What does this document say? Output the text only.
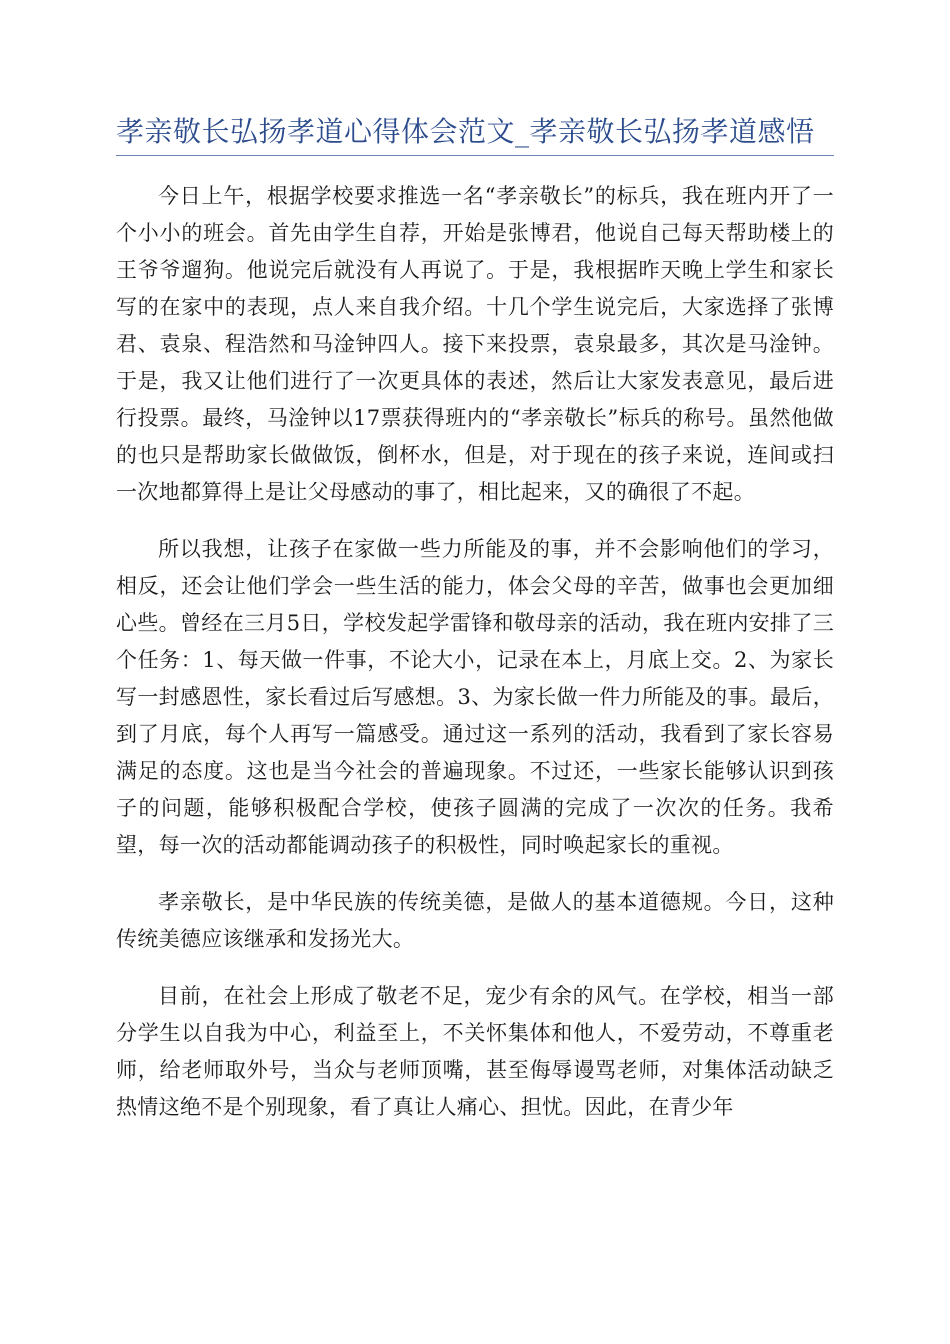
孝亲敬长弘扬孝道心得体会范文_孝亲敬长弘扬孝道感悟

今日上午，根据学校要求推选一名“孝亲敬长”的标兵，我在班内开了一个小小的班会。首先由学生自荐，开始是张博君，他说自己每天帮助楼上的王爷爷遛狗。他说完后就没有人再说了。于是，我根据昨天晚上学生和家长写的在家中的表现，点人来自我介绍。十几个学生说完后，大家选择了张博君、袁泉、程浩然和马淦钟四人。接下来投票，袁泉最多，其次是马淦钟。于是，我又让他们进行了一次更具体的表述，然后让大家发表意见，最后进行投票。最终，马淦钟以17票获得班内的“孝亲敬长”标兵的称号。虽然他做的也只是帮助家长做做饭，倒杯水，但是，对于现在的孩子来说，连间或扫一次地都算得上是让父母感动的事了，相比起来，又的确很了不起。

所以我想，让孩子在家做一些力所能及的事，并不会影响他们的学习，相反，还会让他们学会一些生活的能力，体会父母的辛苦，做事也会更加细心些。曾经在三月5日，学校发起学雷锋和敬母亲的活动，我在班内安排了三个任务：1、每天做一件事，不论大小，记录在本上，月底上交。2、为家长写一封感恩性，家长看过后写感想。3、为家长做一件力所能及的事。最后，到了月底，每个人再写一篇感受。通过这一系列的活动，我看到了家长容易满足的态度。这也是当今社会的普遍现象。不过还，一些家长能够认识到孩子的问题，能够积极配合学校，使孩子圆满的完成了一次次的任务。我希望，每一次的活动都能调动孩子的积极性，同时唤起家长的重视。

孝亲敬长，是中华民族的传统美德，是做人的基本道德规。今日，这种传统美德应该继承和发扬光大。

目前，在社会上形成了敬老不足，宠少有余的风气。在学校，相当一部分学生以自我为中心，利益至上，不关怀集体和他人，不爱劳动，不尊重老师，给老师取外号，当众与老师顶嘴，甚至侮辱谩骂老师，对集体活动缺乏热情这绝不是个别现象，看了真让人痛心、担忧。因此，在青少年
